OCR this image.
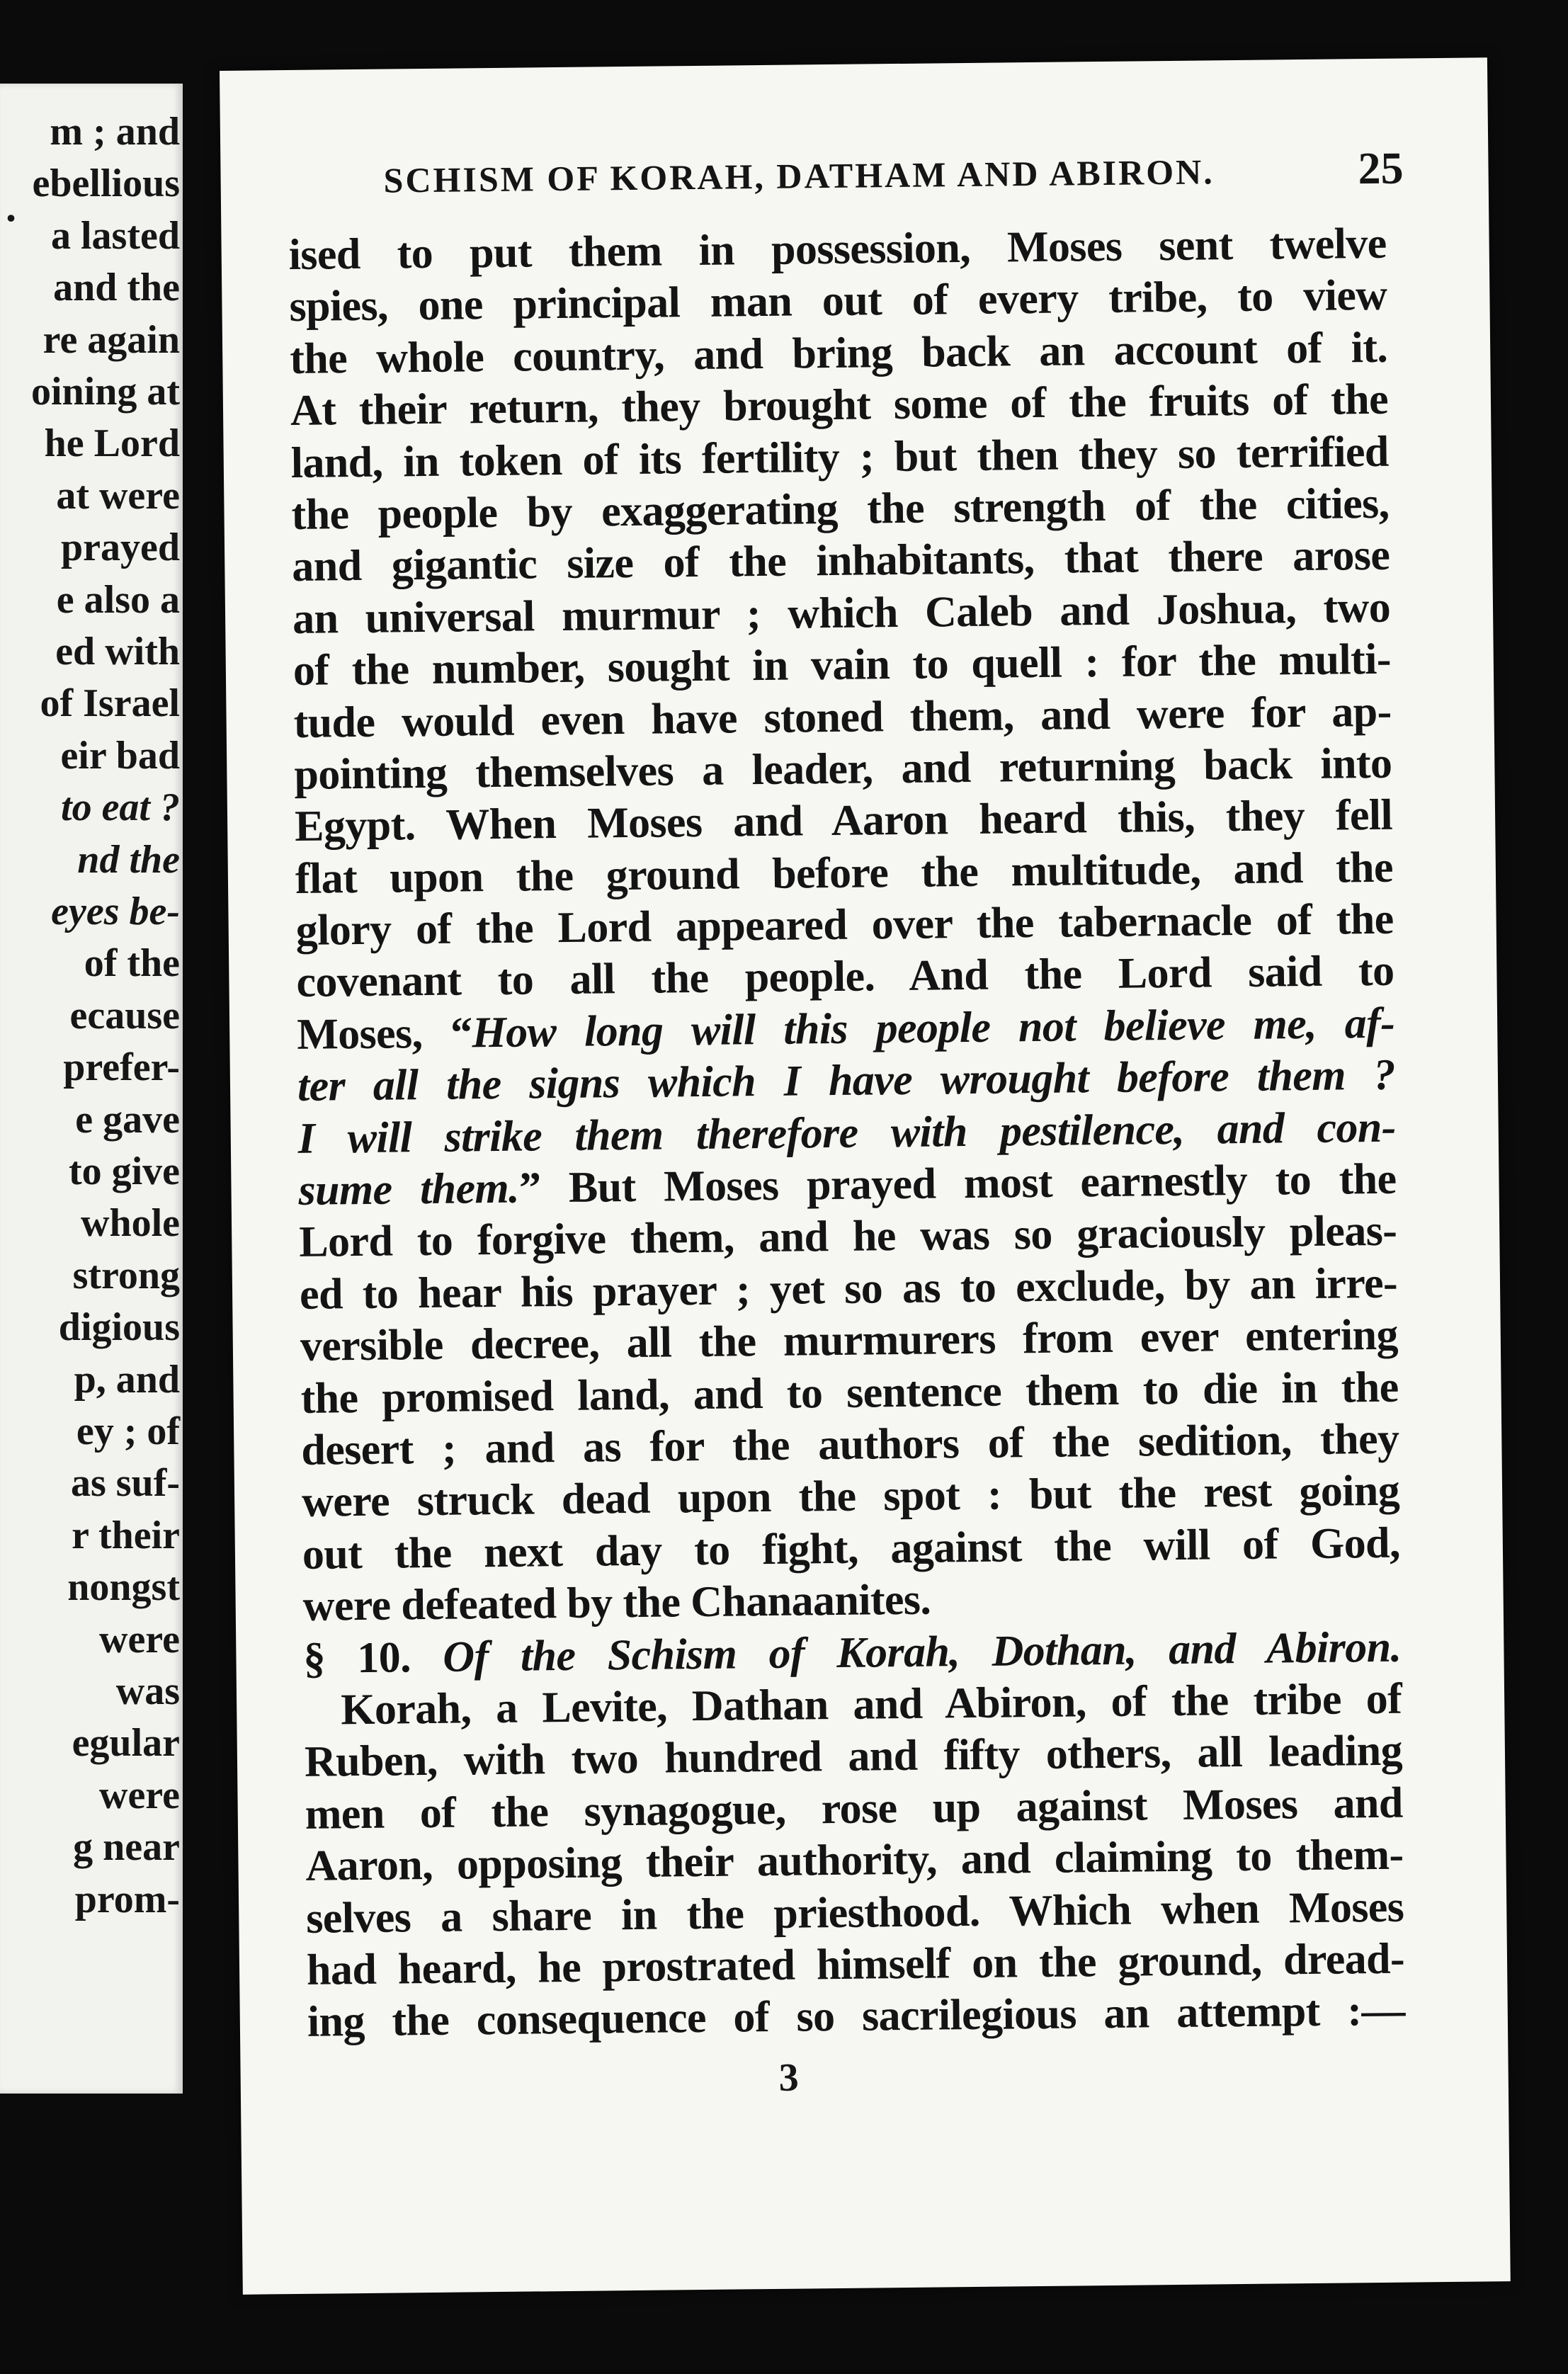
.
m ; and
ebellious
a lasted
and the
re again
oining at
he Lord
at were
prayed
e also a
ed with
of Israel
eir bad
to eat ?
nd the
eyes be-
of the
ecause
prefer-
e gave
to give
whole
strong
digious
p, and
ey ; of
as suf-
r their
nongst
were
was
egular
were
g near
prom-
SCHISM OF KORAH, DATHAM AND ABIRON.	25
ised to put them in possession, Moses sent twelve
spies, one principal man out of every tribe, to view
the whole country, and bring back an account of it.
At their return, they brought some of the fruits of the
land, in token of its fertility ; but then they so terrified
the people by exaggerating the strength of the cities,
and gigantic size of the inhabitants, that there arose
an universal murmur ; which Caleb and Joshua, two
of the number, sought in vain to quell : for the multi-
tude would even have stoned them, and were for ap-
pointing themselves a leader, and returning back into
Egypt. When Moses and Aaron heard this, they fell
flat upon the ground before the multitude, and the
glory of the Lord appeared over the tabernacle of the
covenant to all the people. And the Lord said to
Moses, “How long will this people not believe me, af-
ter all the signs which I have wrought before them ?
I will strike them therefore with pestilence, and con-
sume them.” But Moses prayed most earnestly to the
Lord to forgive them, and he was so graciously pleas-
ed to hear his prayer ; yet so as to exclude, by an irre-
versible decree, all the murmurers from ever entering
the promised land, and to sentence them to die in the
desert ; and as for the authors of the sedition, they
were struck dead upon the spot : but the rest going
out the next day to fight, against the will of God,
were defeated by the Chanaanites.
§ 10. Of the Schism of Korah, Dothan, and Abiron.
Korah, a Levite, Dathan and Abiron, of the tribe of
Ruben, with two hundred and fifty others, all leading
men of the synagogue, rose up against Moses and
Aaron, opposing their authority, and claiming to them-
selves a share in the priesthood. Which when Moses
had heard, he prostrated himself on the ground, dread-
ing the consequence of so sacrilegious an attempt :—
3
